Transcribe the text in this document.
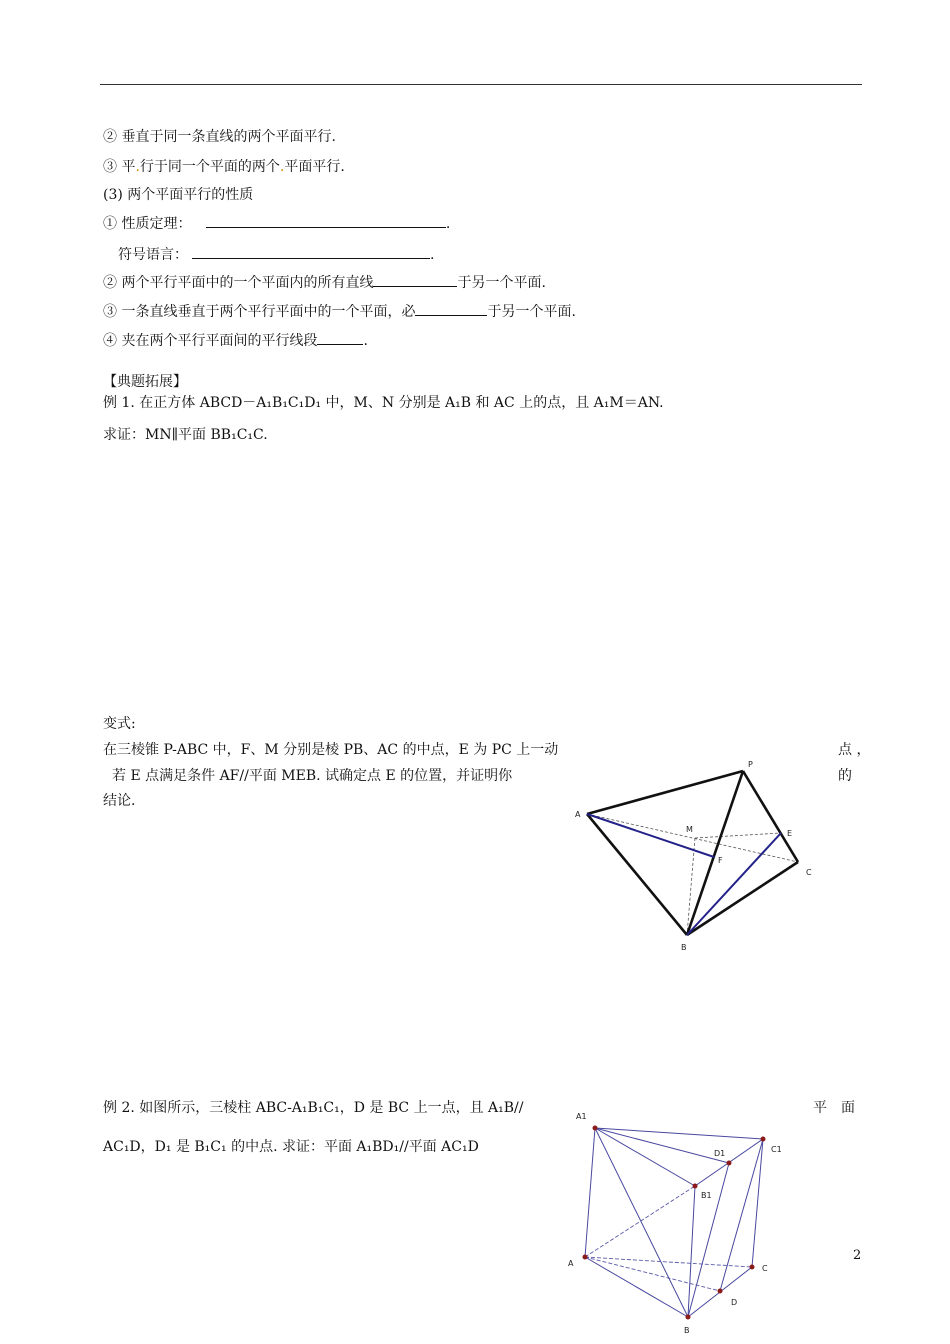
② 垂直于同一条直线的两个平面平行.
③ 平.行于同一个平面的两个.平面平行.
(3) 两个平面平行的性质
① 性质定理：	.
符号语言：	.
② 两个平行平面中的一个平面内的所有直线	于另一个平面.
③ 一条直线垂直于两个平行平面中的一个平面，必	于另一个平面.
④ 夹在两个平行平面间的平行线段	.
【典题拓展】
例 1. 在正方体 ABCD－A₁B₁C₁D₁ 中，M、N 分别是 A₁B 和 AC 上的点，且 A₁M＝AN.
求证：MN∥平面 BB₁C₁C.
变式:
在三棱锥 P-ABC 中，F、M 分别是棱 PB、AC 的中点，E 为 PC 上一动	点 ，
若 E 点满足条件 AF//平面 MEB. 试确定点 E 的位置，并证明你	的
结论.
A
P
M	E
F
C
B
例 2. 如图所示，三棱柱 ABC-A₁B₁C₁，D 是 BC 上一点，且 A₁B//	平　面
AC₁D，D₁ 是 B₁C₁ 的中点. 求证：平面 A₁BD₁//平面 AC₁D
A1
C1
D1
B1
A
C
D
B
2
